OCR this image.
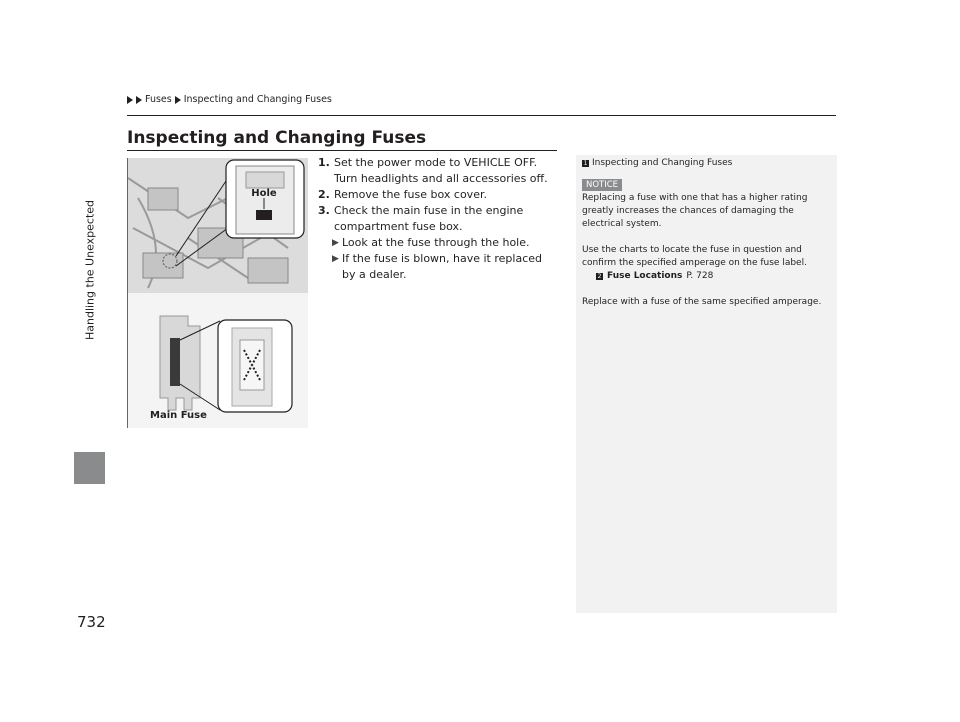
Fuses Inspecting and Changing Fuses
Handling the Unexpected
732
Inspecting and Changing Fuses
Hole
Main Fuse
1. Set the power mode to VEHICLE OFF. Turn headlights and all accessories off.
2. Remove the fuse box cover.
3. Check the main fuse in the engine compartment fuse box.
▶ Look at the fuse through the hole.
▶ If the fuse is blown, have it replaced by a dealer.
1 Inspecting and Changing Fuses
NOTICE

Replacing a fuse with one that has a higher rating greatly increases the chances of damaging the electrical system.

Use the charts to locate the fuse in question and confirm the specified amperage on the fuse label.

2 Fuse Locations P. 728

Replace with a fuse of the same specified amperage.
